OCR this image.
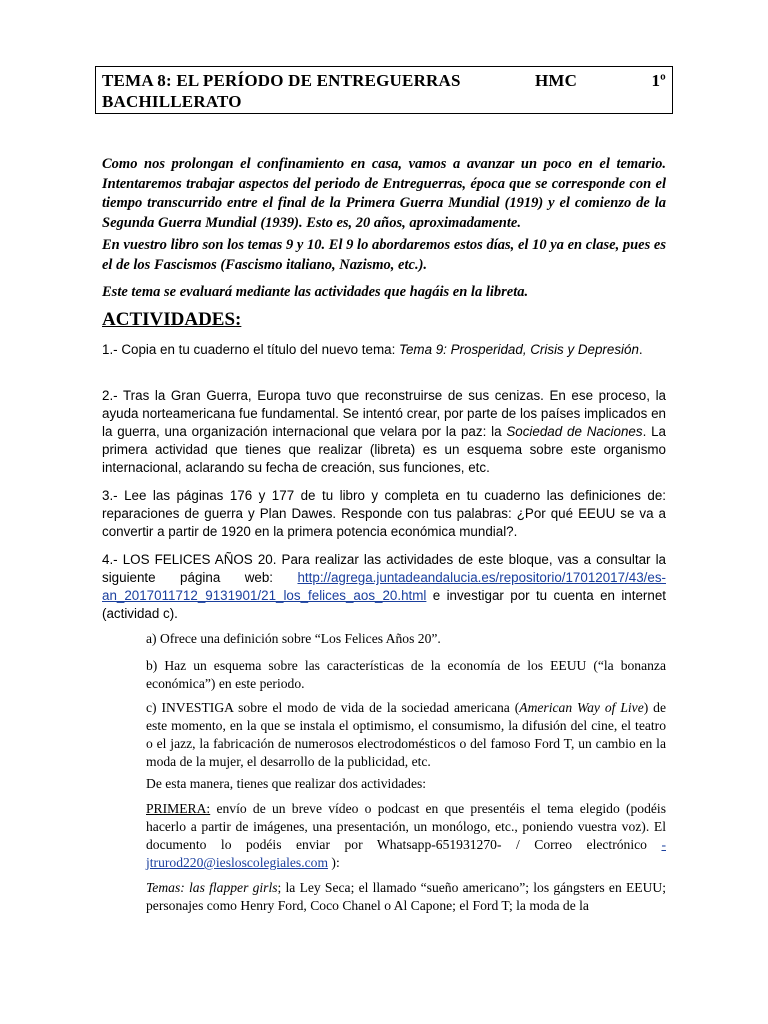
TEMA 8: EL PERÍODO DE ENTREGUERRAS	HMC	1º
BACHILLERATO

Como nos prolongan el confinamiento en casa, vamos a avanzar un poco en el temario. Intentaremos trabajar aspectos del periodo de Entreguerras, época que se corresponde con el tiempo transcurrido entre el final de la Primera Guerra Mundial (1919) y el comienzo de la Segunda Guerra Mundial (1939). Esto es, 20 años, aproximadamente.

En vuestro libro son los temas 9 y 10. El 9 lo abordaremos estos días, el 10 ya en clase, pues es el de los Fascismos (Fascismo italiano, Nazismo, etc.).

Este tema se evaluará mediante las actividades que hagáis en la libreta.

ACTIVIDADES:

1.- Copia en tu cuaderno el título del nuevo tema: Tema 9: Prosperidad, Crisis y Depresión.

2.- Tras la Gran Guerra, Europa tuvo que reconstruirse de sus cenizas. En ese proceso, la ayuda norteamericana fue fundamental. Se intentó crear, por parte de los países implicados en la guerra, una organización internacional que velara por la paz: la Sociedad de Naciones. La primera actividad que tienes que realizar (libreta) es un esquema sobre este organismo internacional, aclarando su fecha de creación, sus funciones, etc.

3.- Lee las páginas 176 y 177 de tu libro y completa en tu cuaderno las definiciones de: reparaciones de guerra y Plan Dawes. Responde con tus palabras: ¿Por qué EEUU se va a convertir a partir de 1920 en la primera potencia económica mundial?.

4.- LOS FELICES AÑOS 20. Para realizar las actividades de este bloque, vas a consultar la siguiente página web: http://agrega.juntadeandalucia.es/repositorio/17012017/43/es-an_2017011712_9131901/21_los_felices_aos_20.html e investigar por tu cuenta en internet (actividad c).

a) Ofrece una definición sobre “Los Felices Años 20”.

b) Haz un esquema sobre las características de la economía de los EEUU (“la bonanza económica”) en este periodo.

c) INVESTIGA sobre el modo de vida de la sociedad americana (American Way of Live) de este momento, en la que se instala el optimismo, el consumismo, la difusión del cine, el teatro o el jazz, la fabricación de numerosos electrodomésticos o del famoso Ford T, un cambio en la moda de la mujer, el desarrollo de la publicidad, etc.

De esta manera, tienes que realizar dos actividades:

PRIMERA: envío de un breve vídeo o podcast en que presentéis el tema elegido (podéis hacerlo a partir de imágenes, una presentación, un monólogo, etc., poniendo vuestra voz). El documento lo podéis enviar por Whatsapp-651931270- / Correo electrónico -jtrurod220@iesloscolegiales.com ):

Temas: las flapper girls; la Ley Seca; el llamado “sueño americano”; los gángsters en EEUU; personajes como Henry Ford, Coco Chanel o Al Capone; el Ford T; la moda de la
